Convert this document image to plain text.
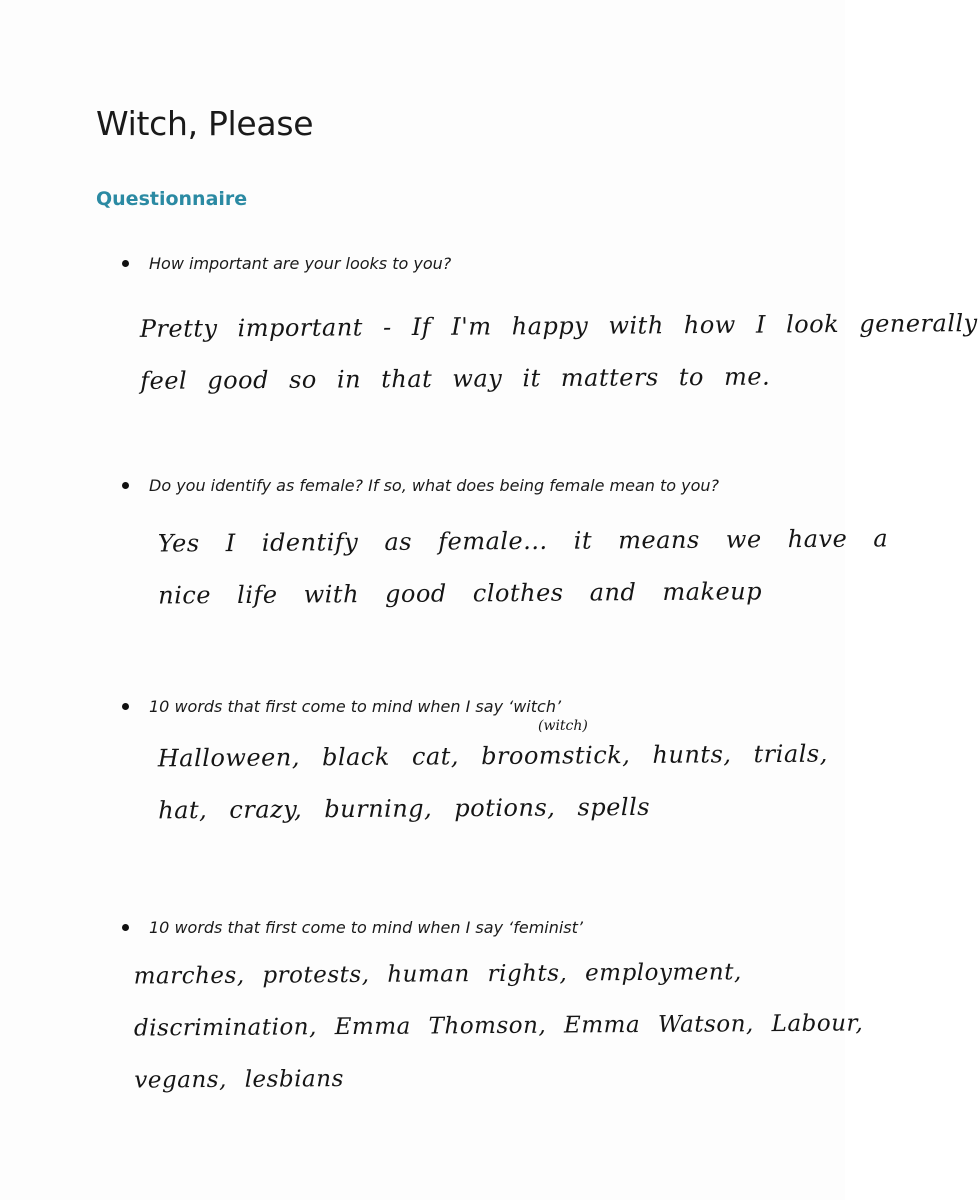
Witch, Please
Questionnaire
How important are your looks to you?
Pretty important - If I'm happy with how I look generally
feel good so in that way it matters to me.
Do you identify as female? If so, what does being female mean to you?
Yes I identify as female... it means we have a
nice life with good clothes and makeup
10 words that first come to mind when I say ‘witch’
(witch)
Halloween, black cat, broomstick, hunts, trials,
hat, crazy, burning, potions, spells
10 words that first come to mind when I say ‘feminist’
marches, protests, human rights, employment,
discrimination, Emma Thomson, Emma Watson, Labour,
vegans, lesbians
